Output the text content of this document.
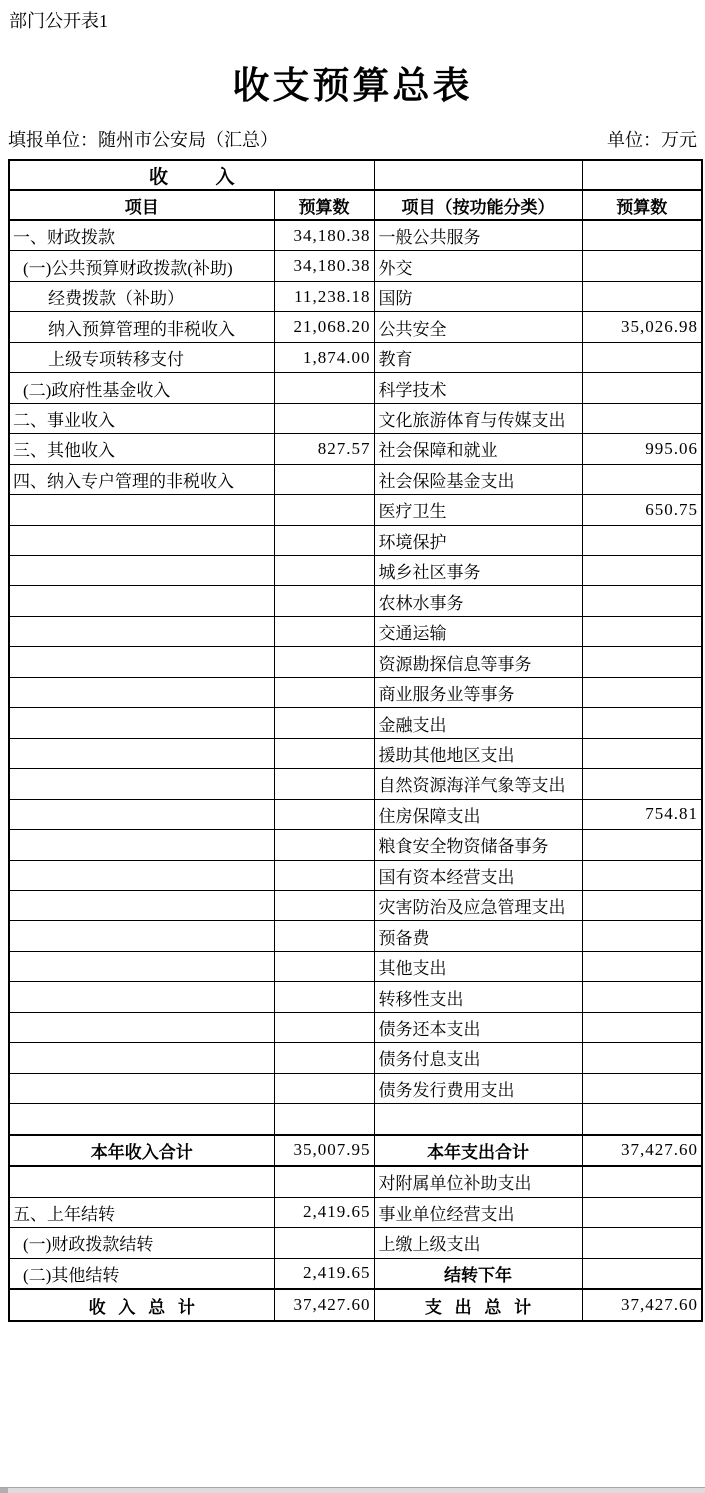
部门公开表1
收支预算总表
填报单位：随州市公安局（汇总）	单位：万元
收          入			
项目	预算数	项目（按功能分类）	预算数
一、财政拨款	34,180.38	一般公共服务	
(一)公共预算财政拨款(补助)	34,180.38	外交	
经费拨款（补助）	11,238.18	国防	
纳入预算管理的非税收入	21,068.20	公共安全	35,026.98
上级专项转移支付	1,874.00	教育	
(二)政府性基金收入		科学技术	
二、事业收入		文化旅游体育与传媒支出	
三、其他收入	827.57	社会保障和就业	995.06
四、纳入专户管理的非税收入		社会保险基金支出	
		医疗卫生	650.75
		环境保护	
		城乡社区事务	
		农林水事务	
		交通运输	
		资源勘探信息等事务	
		商业服务业等事务	
		金融支出	
		援助其他地区支出	
		自然资源海洋气象等支出	
		住房保障支出	754.81
		粮食安全物资储备事务	
		国有资本经营支出	
		灾害防治及应急管理支出	
		预备费	
		其他支出	
		转移性支出	
		债务还本支出	
		债务付息支出	
		债务发行费用支出	

本年收入合计	35,007.95	本年支出合计	37,427.60
		对附属单位补助支出	
五、上年结转	2,419.65	事业单位经营支出	
(一)财政拨款结转		上缴上级支出	
(二)其他结转	2,419.65	结转下年	
收   入   总   计	37,427.60	支   出   总   计	37,427.60
